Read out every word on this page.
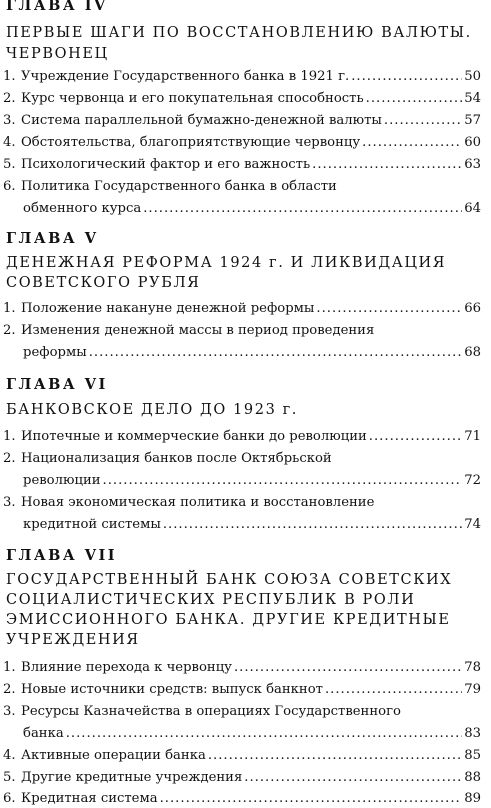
ГЛАВА IV
ПЕРВЫЕ ШАГИ ПО ВОССТАНОВЛЕНИЮ ВАЛЮТЫ.
ЧЕРВОНЕЦ
1. Учреждение Государственного банка в 1921 г. .....	50
2. Курс червонца и его покупательная способность .....	54
3. Система параллельной бумажно-денежной валюты .....	57
4. Обстоятельства, благоприятствующие червонцу .....	60
5. Психологический фактор и его важность .....	63
6. Политика Государственного банка в области
обменного курса .....	64
ГЛАВА V
ДЕНЕЖНАЯ РЕФОРМА 1924 г. И ЛИКВИДАЦИЯ
СОВЕТСКОГО РУБЛЯ
1. Положение накануне денежной реформы .....	66
2. Изменения денежной массы в период проведения
реформы .....	68
ГЛАВА VI
БАНКОВСКОЕ ДЕЛО ДО 1923 г.
1. Ипотечные и коммерческие банки до революции .....	71
2. Национализация банков после Октябрьской
революции .....	72
3. Новая экономическая политика и восстановление
кредитной системы .....	74
ГЛАВА VII
ГОСУДАРСТВЕННЫЙ БАНК СОЮЗА СОВЕТСКИХ
СОЦИАЛИСТИЧЕСКИХ РЕСПУБЛИК В РОЛИ
ЭМИССИОННОГО БАНКА. ДРУГИЕ КРЕДИТНЫЕ
УЧРЕЖДЕНИЯ
1. Влияние перехода к червонцу .....	78
2. Новые источники средств: выпуск банкнот .....	79
3. Ресурсы Казначейства в операциях Государственного
банка .....	83
4. Активные операции банка .....	85
5. Другие кредитные учреждения .....	88
6. Кредитная система .....	89
